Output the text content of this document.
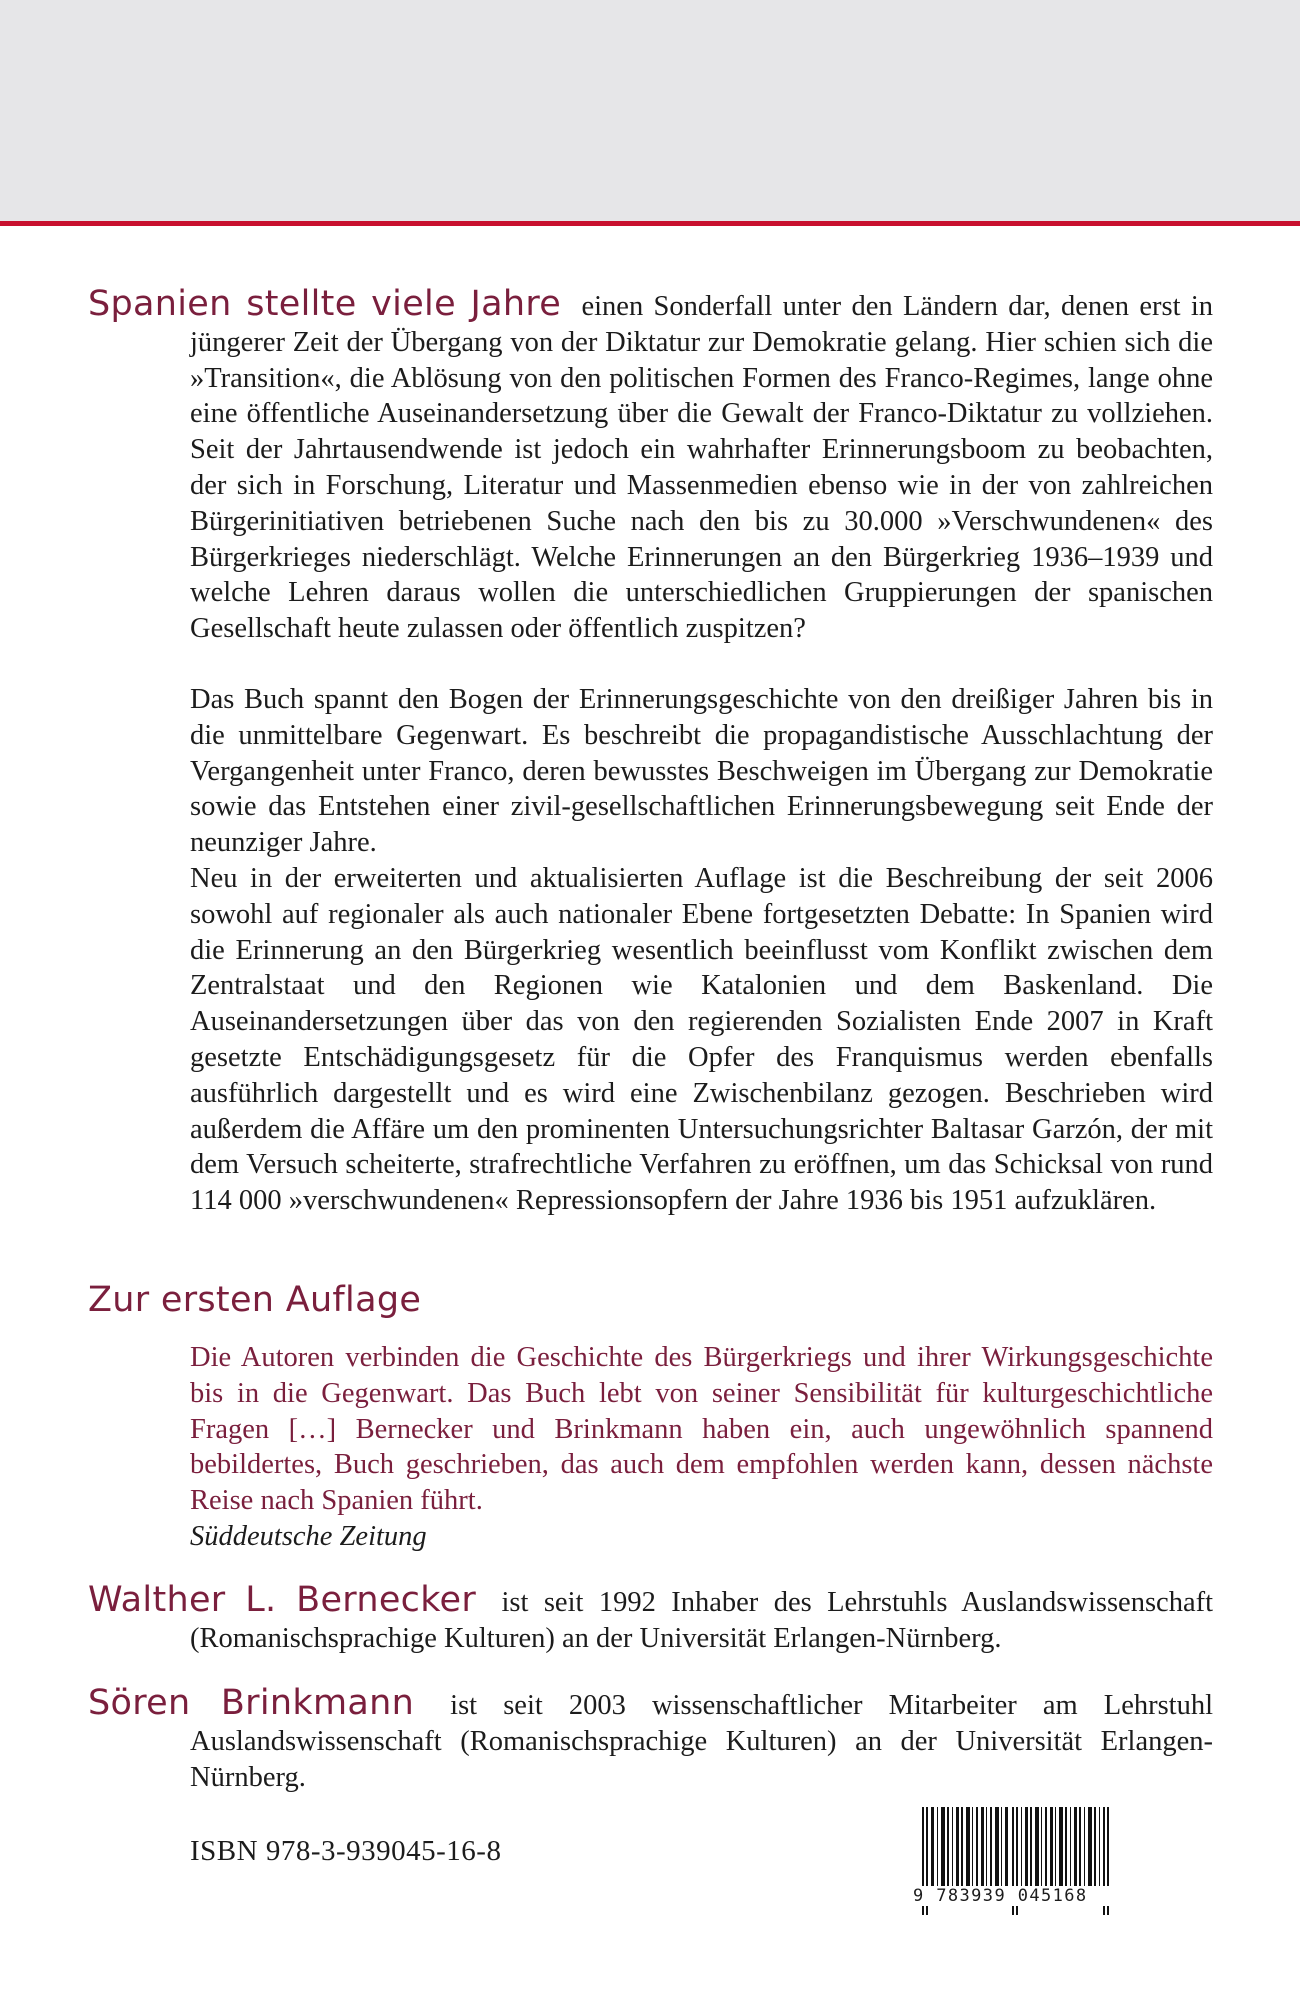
Spanien stellte viele Jahre einen Sonderfall unter den Ländern dar, denen erst in jüngerer Zeit der Übergang von der Diktatur zur Demokratie gelang. Hier schien sich die »Transition«, die Ablösung von den politischen Formen des Franco-Regimes, lange ohne eine öffentliche Auseinandersetzung über die Gewalt der Franco-Diktatur zu vollziehen. Seit der Jahrtausendwende ist jedoch ein wahrhafter Erinnerungsboom zu beobachten, der sich in Forschung, Literatur und Massenmedien ebenso wie in der von zahlreichen Bürgerinitiativen betriebenen Suche nach den bis zu 30.000 »Verschwundenen« des Bürgerkrieges niederschlägt. Welche Erinnerungen an den Bürgerkrieg 1936–1939 und welche Lehren daraus wollen die unterschiedlichen Gruppierungen der spanischen Gesellschaft heute zulassen oder öffentlich zuspitzen?

Das Buch spannt den Bogen der Erinnerungsgeschichte von den dreißiger Jahren bis in die unmittelbare Gegenwart. Es beschreibt die propagandistische Ausschlachtung der Vergangenheit unter Franco, deren bewusstes Beschweigen im Übergang zur Demokratie sowie das Entstehen einer zivil-gesellschaftlichen Erinnerungsbewegung seit Ende der neunziger Jahre.

Neu in der erweiterten und aktualisierten Auflage ist die Beschreibung der seit 2006 sowohl auf regionaler als auch nationaler Ebene fortgesetzten Debatte: In Spanien wird die Erinnerung an den Bürgerkrieg wesentlich beeinflusst vom Konflikt zwischen dem Zentralstaat und den Regionen wie Katalonien und dem Baskenland. Die Auseinandersetzungen über das von den regierenden Sozialisten Ende 2007 in Kraft gesetzte Entschädigungsgesetz für die Opfer des Franquismus werden ebenfalls ausführlich dargestellt und es wird eine Zwischenbilanz gezogen. Beschrieben wird außerdem die Affäre um den prominenten Untersuchungsrichter Baltasar Garzón, der mit dem Versuch scheiterte, strafrechtliche Verfahren zu eröffnen, um das Schicksal von rund 114 000 »verschwundenen« Repressionsopfern der Jahre 1936 bis 1951 aufzuklären.

Zur ersten Auflage

Die Autoren verbinden die Geschichte des Bürgerkriegs und ihrer Wirkungsgeschichte bis in die Gegenwart. Das Buch lebt von seiner Sensibilität für kulturgeschichtliche Fragen […] Bernecker und Brinkmann haben ein, auch ungewöhnlich spannend bebildertes, Buch geschrieben, das auch dem empfohlen werden kann, dessen nächste Reise nach Spanien führt.

Süddeutsche Zeitung

Walther L. Bernecker ist seit 1992 Inhaber des Lehrstuhls Auslandswissenschaft (Romanischsprachige Kulturen) an der Universität Erlangen-Nürnberg.

Sören Brinkmann ist seit 2003 wissenschaftlicher Mitarbeiter am Lehrstuhl Auslandswissenschaft (Romanischsprachige Kulturen) an der Universität Erlangen-Nürnberg.

ISBN 978-3-939045-16-8
9 783939 045168
